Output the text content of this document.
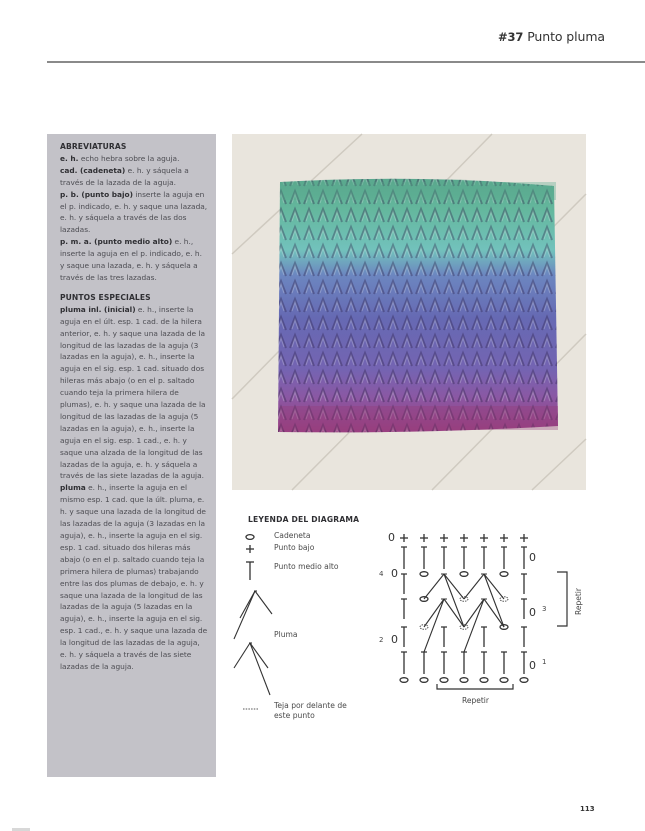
#37 Punto pluma
ABREVIATURAS

e. h. echo hebra sobre la aguja.

cad. (cadeneta) e. h. y sáquela a través de la lazada de la aguja.

p. b. (punto bajo) inserte la aguja en el p. indicado, e. h. y saque una lazada, e. h. y sáquela a través de las dos lazadas.

p. m. a. (punto medio alto) e. h., inserte la aguja en el p. indicado, e. h. y saque una lazada, e. h. y sáquela a través de las tres lazadas.

PUNTOS ESPECIALES

pluma inl. (inicial) e. h., inserte la aguja en el últ. esp. 1 cad. de la hilera anterior, e. h. y saque una lazada de la longitud de las lazadas de la aguja (3 lazadas en la aguja), e. h., inserte la aguja en el sig. esp. 1 cad. situado dos hileras más abajo (o en el p. saltado cuando teja la primera hilera de plumas), e. h. y saque una lazada de la longitud de las lazadas de la aguja (5 lazadas en la aguja), e. h., inserte la aguja en el sig. esp. 1 cad., e. h. y saque una alzada de la longitud de las lazadas de la aguja, e. h. y sáquela a través de las siete lazadas de la aguja.

pluma e. h., inserte la aguja en el mismo esp. 1 cad. que la últ. pluma, e. h. y saque una lazada de la longitud de las lazadas de la aguja (3 lazadas en la aguja), e. h., inserte la aguja en el sig. esp. 1 cad. situado dos hileras más abajo (o en el p. saltado cuando teja la primera hilera de plumas) trabajando entre las dos plumas de debajo, e. h. y saque una lazada de la longitud de las lazadas de la aguja (5 lazadas en la aguja), e. h., inserte la aguja en el sig. esp. 1 cad., e. h. y saque una lazada de la longitud de las lazadas de la aguja, e. h. y sáquela a través de las siete lazadas de la aguja.

LEYENDA DEL DIAGRAMA
Cadeneta
Punto bajo
Punto medio alto
Pluma
Teja por delante de
este punto
0
0
0
0
0
0
4
3
2
1
Repetir
Repetir
113
